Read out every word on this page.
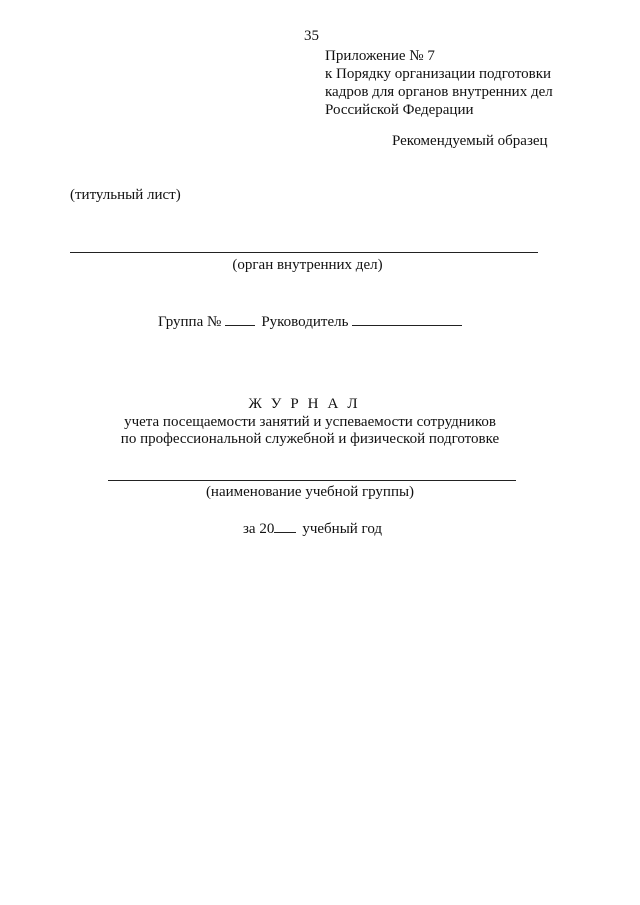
35
Приложение № 7
к Порядку организации подготовки
кадров для органов внутренних дел
Российской Федерации
Рекомендуемый образец
(титульный лист)
(орган внутренних дел)
Группа №	Руководитель
ЖУРНАЛ
учета посещаемости занятий и успеваемости сотрудников
по профессиональной служебной и физической подготовке
(наименование учебной группы)
за 20 учебный год
